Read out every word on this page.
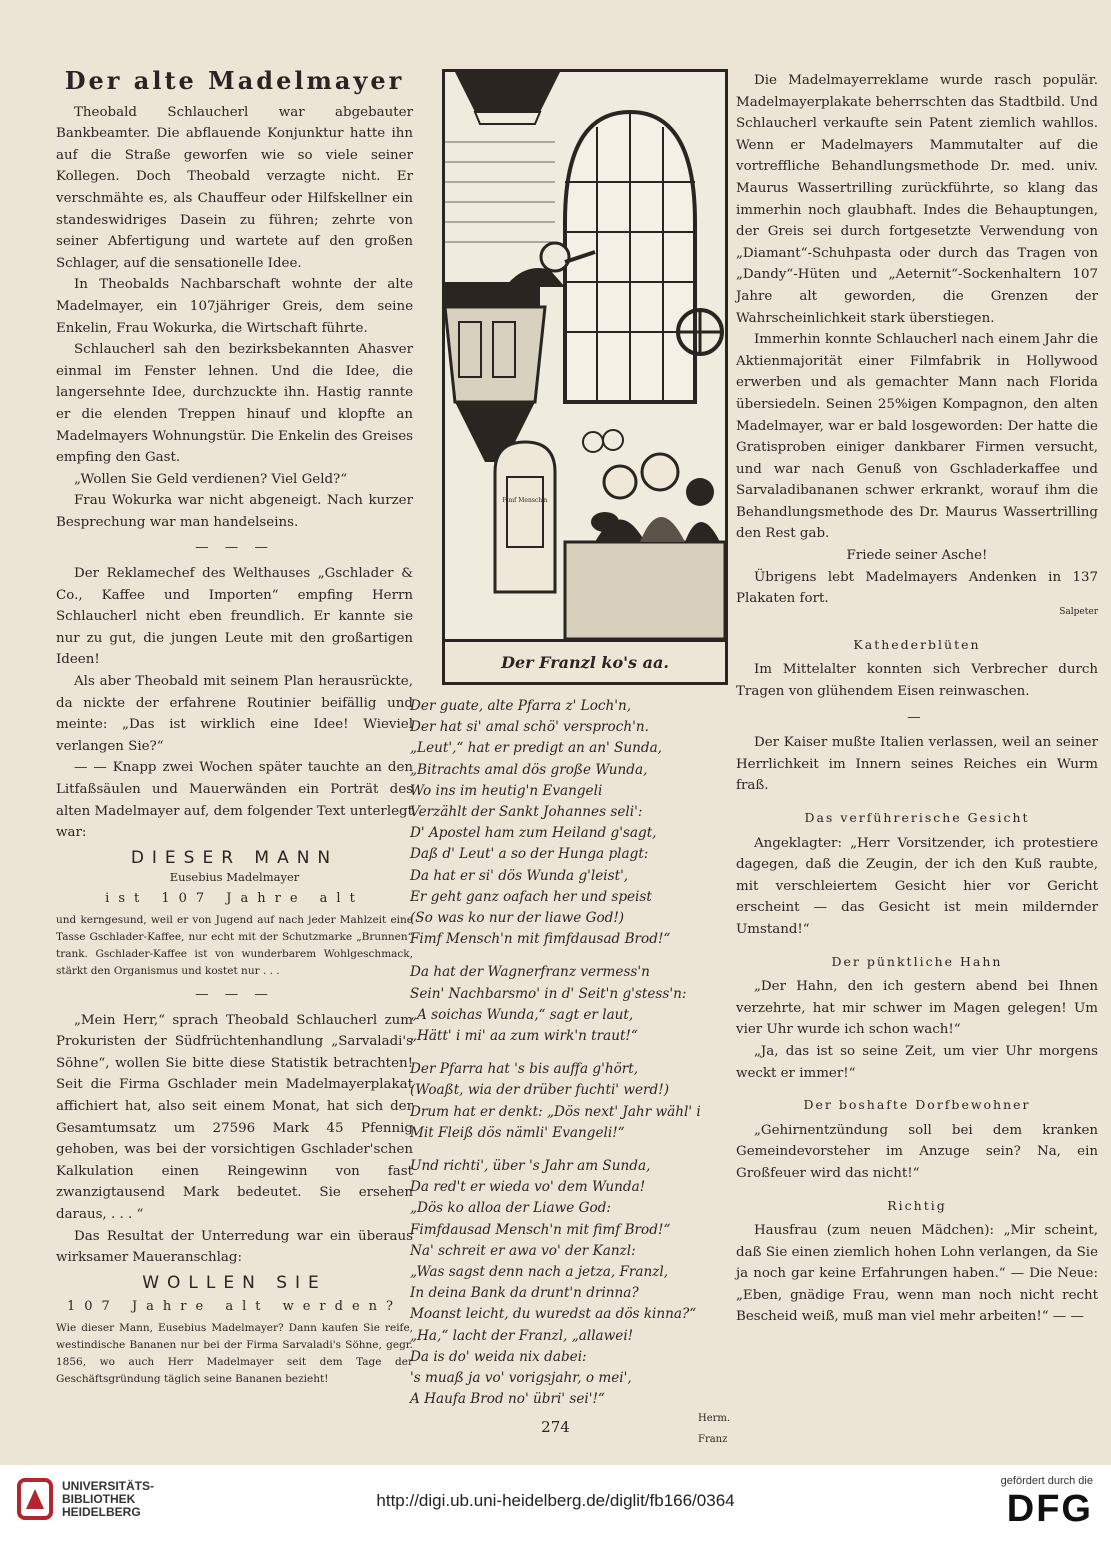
Der alte Madelmayer

Theobald Schlaucherl war abgebauter Bankbeamter. Die abflauende Konjunktur hatte ihn auf die Straße geworfen wie so viele seiner Kollegen. Doch Theobald verzagte nicht. Er verschmähte es, als Chauffeur oder Hilfskellner ein standeswidriges Dasein zu führen; zehrte von seiner Abfertigung und wartete auf den großen Schlager, auf die sensationelle Idee.

In Theobalds Nachbarschaft wohnte der alte Madelmayer, ein 107jähriger Greis, dem seine Enkelin, Frau Wokurka, die Wirtschaft führte.

Schlaucherl sah den bezirksbekannten Ahasver einmal im Fenster lehnen. Und die Idee, die langersehnte Idee, durchzuckte ihn. Hastig rannte er die elenden Treppen hinauf und klopfte an Madelmayers Wohnungstür. Die Enkelin des Greises empfing den Gast.

„Wollen Sie Geld verdienen? Viel Geld?“

Frau Wokurka war nicht abgeneigt. Nach kurzer Besprechung war man handelseins.

— — —

Der Reklamechef des Welthauses „Gschlader & Co., Kaffee und Importen“ empfing Herrn Schlaucherl nicht eben freundlich. Er kannte sie nur zu gut, die jungen Leute mit den großartigen Ideen!

Als aber Theobald mit seinem Plan herausrückte, da nickte der erfahrene Routinier beifällig und meinte: „Das ist wirklich eine Idee! Wieviel verlangen Sie?“

— — Knapp zwei Wochen später tauchte an den Litfaßsäulen und Mauerwänden ein Porträt des alten Madelmayer auf, dem folgender Text unterlegt war:

DIESER MANN
Eusebius Madelmayer
ist 107 Jahre alt

und kerngesund, weil er von Jugend auf nach jeder Mahlzeit eine Tasse Gschlader-Kaffee, nur echt mit der Schutzmarke „Brunnen“ trank. Gschlader-Kaffee ist von wunderbarem Wohlgeschmack, stärkt den Organismus und kostet nur . . .

— — —

„Mein Herr,“ sprach Theobald Schlaucherl zum Prokuristen der Südfrüchtenhandlung „Sarvaladi's Söhne“, wollen Sie bitte diese Statistik betrachten! Seit die Firma Gschlader mein Madelmayerplakat affichiert hat, also seit einem Monat, hat sich der Gesamtumsatz um 27596 Mark 45 Pfennig gehoben, was bei der vorsichtigen Gschlader'schen Kalkulation einen Reingewinn von fast zwanzigtausend Mark bedeutet. Sie ersehen daraus, . . . “

Das Resultat der Unterredung war ein überaus wirksamer Maueranschlag:

WOLLEN SIE
107 Jahre alt werden?

Wie dieser Mann, Eusebius Madelmayer? Dann kaufen Sie reife, westindische Bananen nur bei der Firma Sarvaladi's Söhne, gegr. 1856, wo auch Herr Madelmayer seit dem Tage der Geschäftsgründung täglich seine Bananen bezieht!

Fimf Mensch'n
Der Franzl ko's aa.
Der guate, alte Pfarra z' Loch'n,
Der hat si' amal schö' versproch'n.
„Leut',“ hat er predigt an an' Sunda,
„Bitrachts amal dös große Wunda,
Wo ins im heutig'n Evangeli
Verzählt der Sankt Johannes seli':
D' Apostel ham zum Heiland g'sagt,
Daß d' Leut' a so der Hunga plagt:
Da hat er si' dös Wunda g'leist',
Er geht ganz oafach her und speist
(So was ko nur der liawe God!)
Fimf Mensch'n mit fimfdausad Brod!“
Da hat der Wagnerfranz vermess'n
Sein' Nachbarsmo' in d' Seit'n g'stess'n:
„A soichas Wunda,“ sagt er laut,
„Hätt' i mi' aa zum wirk'n traut!“
Der Pfarra hat 's bis auffa g'hört,
(Woaßt, wia der drüber fuchti' werd!)
Drum hat er denkt: „Dös next' Jahr wähl' i
Mit Fleiß dös nämli' Evangeli!“
Und richti', über 's Jahr am Sunda,
Da red't er wieda vo' dem Wunda!
„Dös ko alloa der Liawe God:
Fimfdausad Mensch'n mit fimf Brod!“
Na' schreit er awa vo' der Kanzl:
„Was sagst denn nach a jetza, Franzl,
In deina Bank da drunt'n drinna?
Moanst leicht, du wuredst aa dös kinna?“
„Ha,“ lacht der Franzl, „allawei!
Da is do' weida nix dabei:
's muaß ja vo' vorigsjahr, o mei',
A Haufa Brod no' übri' sei'!“
Herm. Franz

Die Madelmayerreklame wurde rasch populär. Madelmayerplakate beherrschten das Stadtbild. Und Schlaucherl verkaufte sein Patent ziemlich wahllos. Wenn er Madelmayers Mammutalter auf die vortreffliche Behandlungsmethode Dr. med. univ. Maurus Wassertrilling zurückführte, so klang das immerhin noch glaubhaft. Indes die Behauptungen, der Greis sei durch fortgesetzte Verwendung von „Diamant“-Schuhpasta oder durch das Tragen von „Dandy“-Hüten und „Aeternit“-Sockenhaltern 107 Jahre alt geworden, die Grenzen der Wahrscheinlichkeit stark überstiegen.

Immerhin konnte Schlaucherl nach einem Jahr die Aktienmajorität einer Filmfabrik in Hollywood erwerben und als gemachter Mann nach Florida übersiedeln. Seinen 25%igen Kompagnon, den alten Madelmayer, war er bald losgeworden: Der hatte die Gratisproben einiger dankbarer Firmen versucht, und war nach Genuß von Gschladerkaffee und Sarvaladibananen schwer erkrankt, worauf ihm die Behandlungsmethode des Dr. Maurus Wassertrilling den Rest gab.

Friede seiner Asche!

Übrigens lebt Madelmayers Andenken in 137 Plakaten fort.

Salpeter

Kathederblüten

Im Mittelalter konnten sich Verbrecher durch Tragen von glühendem Eisen reinwaschen.

—

Der Kaiser mußte Italien verlassen, weil an seiner Herrlichkeit im Innern seines Reiches ein Wurm fraß.

Das verführerische Gesicht

Angeklagter: „Herr Vorsitzender, ich protestiere dagegen, daß die Zeugin, der ich den Kuß raubte, mit verschleiertem Gesicht hier vor Gericht erscheint — das Gesicht ist mein mildernder Umstand!“

Der pünktliche Hahn

„Der Hahn, den ich gestern abend bei Ihnen verzehrte, hat mir schwer im Magen gelegen! Um vier Uhr wurde ich schon wach!“

„Ja, das ist so seine Zeit, um vier Uhr morgens weckt er immer!“

Der boshafte Dorfbewohner

„Gehirnentzündung soll bei dem kranken Gemeindevorsteher im Anzuge sein? Na, ein Großfeuer wird das nicht!“

Richtig

Hausfrau (zum neuen Mädchen): „Mir scheint, daß Sie einen ziemlich hohen Lohn verlangen, da Sie ja noch gar keine Erfahrungen haben.“ — Die Neue: „Eben, gnädige Frau, wenn man noch nicht recht Bescheid weiß, muß man viel mehr arbeiten!“ — —

274
UNIVERSITÄTS-
BIBLIOTHEK
HEIDELBERG
http://digi.ub.uni-heidelberg.de/diglit/fb166/0364
gefördert durch die
DFG
